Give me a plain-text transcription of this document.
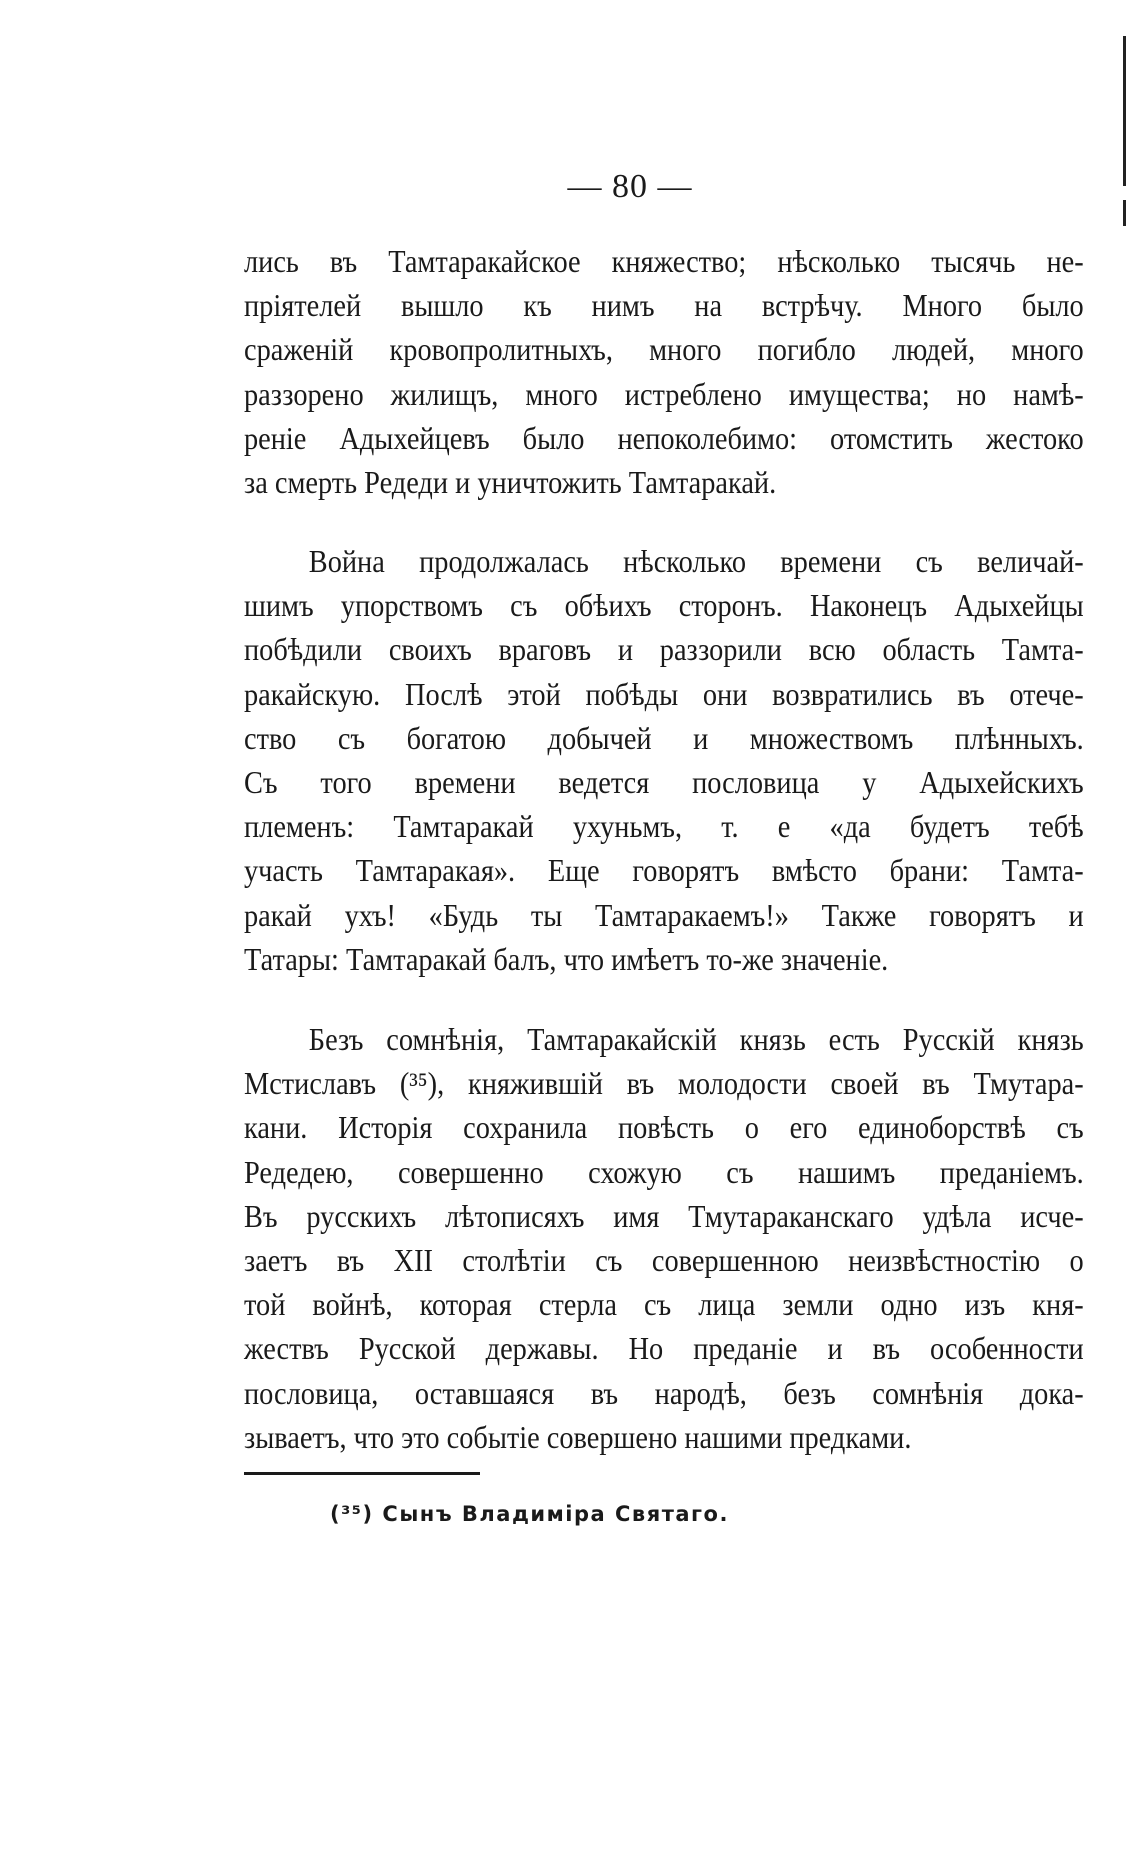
— 80 —
лись въ Тамтаракайское княжество; нѣсколько тысячь не-
пріятелей вышло къ нимъ на встрѣчу. Много было
сраженій кровопролитныхъ, много погибло людей, много
раззорено жилищъ, много истреблено имущества; но намѣ-
реніе Адыхейцевъ было непоколебимо: отомстить жестоко
за смерть Редеди и уничтожить Тамтаракай.
Война продолжалась нѣсколько времени съ величай-
шимъ упорствомъ съ обѣихъ сторонъ. Наконецъ Адыхейцы
побѣдили своихъ враговъ и раззорили всю область Тамта-
ракайскую. Послѣ этой побѣды они возвратились въ отече-
ство съ богатою добычей и множествомъ плѣнныхъ.
Съ того времени ведется пословица у Адыхейскихъ
племенъ: Тамтаракай ухуньмъ, т. е «да будетъ тебѣ
участь Тамтаракая». Еще говорятъ вмѣсто брани: Тамта-
ракай ухъ! «Будь ты Тамтаракаемъ!» Также говорятъ и
Татары: Тамтаракай балъ, что имѣетъ то-же значеніе.
Безъ сомнѣнія, Тамтаракайскій князь есть Русскій князь
Мстиславъ (³⁵), княжившій въ молодости своей въ Тмутара-
кани. Исторія сохранила повѣсть о его единоборствѣ съ
Редедею, совершенно схожую съ нашимъ преданіемъ.
Въ русскихъ лѣтописяхъ имя Тмутараканскаго удѣла исче-
заетъ въ XII столѣтіи съ совершенною неизвѣстностію о
той войнѣ, которая стерла съ лица земли одно изъ кня-
жествъ Русской державы. Но преданіе и въ особенности
пословица, оставшаяся въ народѣ, безъ сомнѣнія дока-
зываетъ, что это событіе совершено нашими предками.
(³⁵) Сынъ Владиміра Святаго.
